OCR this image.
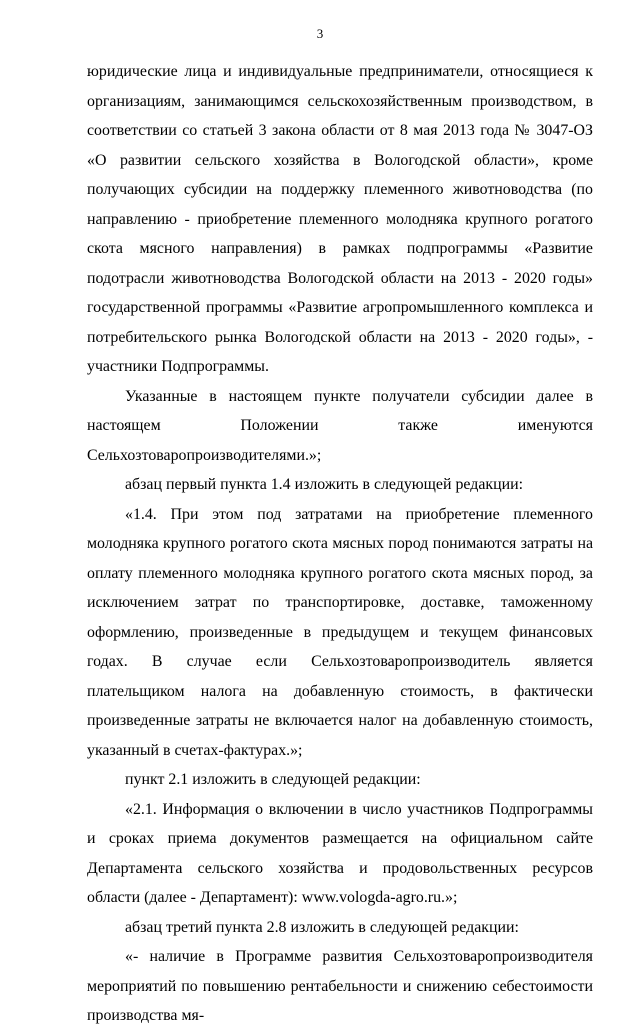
3

юридические лица и индивидуальные предприниматели, относящиеся к организациям, занимающимся сельскохозяйственным производством, в соответствии со статьей 3 закона области от 8 мая 2013 года № 3047-ОЗ «О развитии сельского хозяйства в Вологодской области», кроме получающих субсидии на поддержку племенного животноводства (по направлению - приобретение племенного молодняка крупного рогатого скота мясного направления) в рамках подпрограммы «Развитие подотрасли животноводства Вологодской области на 2013 - 2020 годы» государственной программы «Развитие агропромышленного комплекса и потребительского рынка Вологодской области на 2013 - 2020 годы», - участники Подпрограммы.

Указанные в настоящем пункте получатели субсидии далее в настоящем Положении также именуются Сельхозтоваропроизводителями.»;

абзац первый пункта 1.4 изложить в следующей редакции:

«1.4. При этом под затратами на приобретение племенного молодняка крупного рогатого скота мясных пород понимаются затраты на оплату племенного молодняка крупного рогатого скота мясных пород, за исключением затрат по транспортировке, доставке, таможенному оформлению, произведенные в предыдущем и текущем финансовых годах. В случае если Сельхозтоваропроизводитель является плательщиком налога на добавленную стоимость, в фактически произведенные затраты не включается налог на добавленную стоимость, указанный в счетах-фактурах.»;

пункт 2.1 изложить в следующей редакции:

«2.1. Информация о включении в число участников Подпрограммы и сроках приема документов размещается на официальном сайте Департамента сельского хозяйства и продовольственных ресурсов области (далее - Департамент): www.vologda-agro.ru.»;

абзац третий пункта 2.8 изложить в следующей редакции:

«- наличие в Программе развития Сельхозтоваропроизводителя мероприятий по повышению рентабельности и снижению себестоимости производства мя-
